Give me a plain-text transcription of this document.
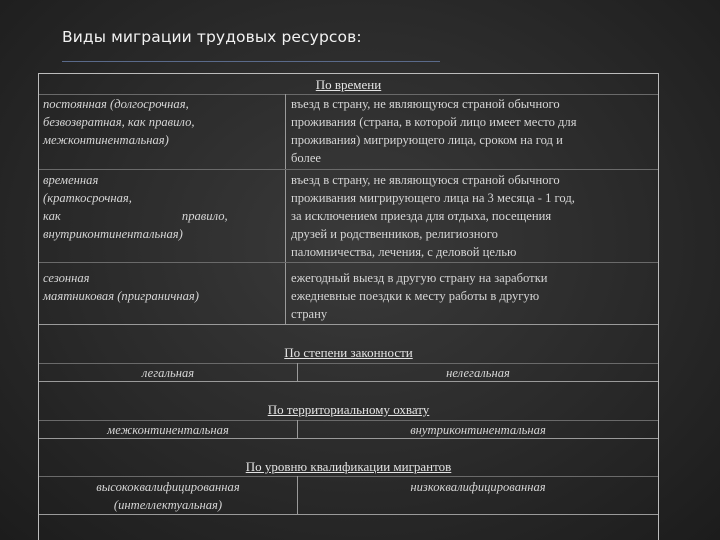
Виды миграции трудовых ресурсов:
По времени
постоянная (долгосрочная,
безвозвратная, как правило,
межконтинентальная)
въезд в страну, не являющуюся страной обычного
проживания (страна, в которой лицо имеет место для
проживания) мигрирующего лица, сроком на год и
более
временная
(краткосрочная,
как правило,
внутриконтинентальная)
въезд в страну, не являющуюся страной обычного
проживания мигрирующего лица на 3 месяца - 1 год,
за исключением приезда для отдыха, посещения
друзей и родственников, религиозного
паломничества, лечения, с деловой целью
сезонная
маятниковая (приграничная)
ежегодный выезд в другую страну на заработки
ежедневные поездки к месту работы в другую
страну
По степени законности
легальная	нелегальная
По территориальному охвату
межконтинентальная	внутриконтинентальная
По уровню квалификации мигрантов
высококвалифицированная
(интеллектуальная)
низкоквалифицированная
